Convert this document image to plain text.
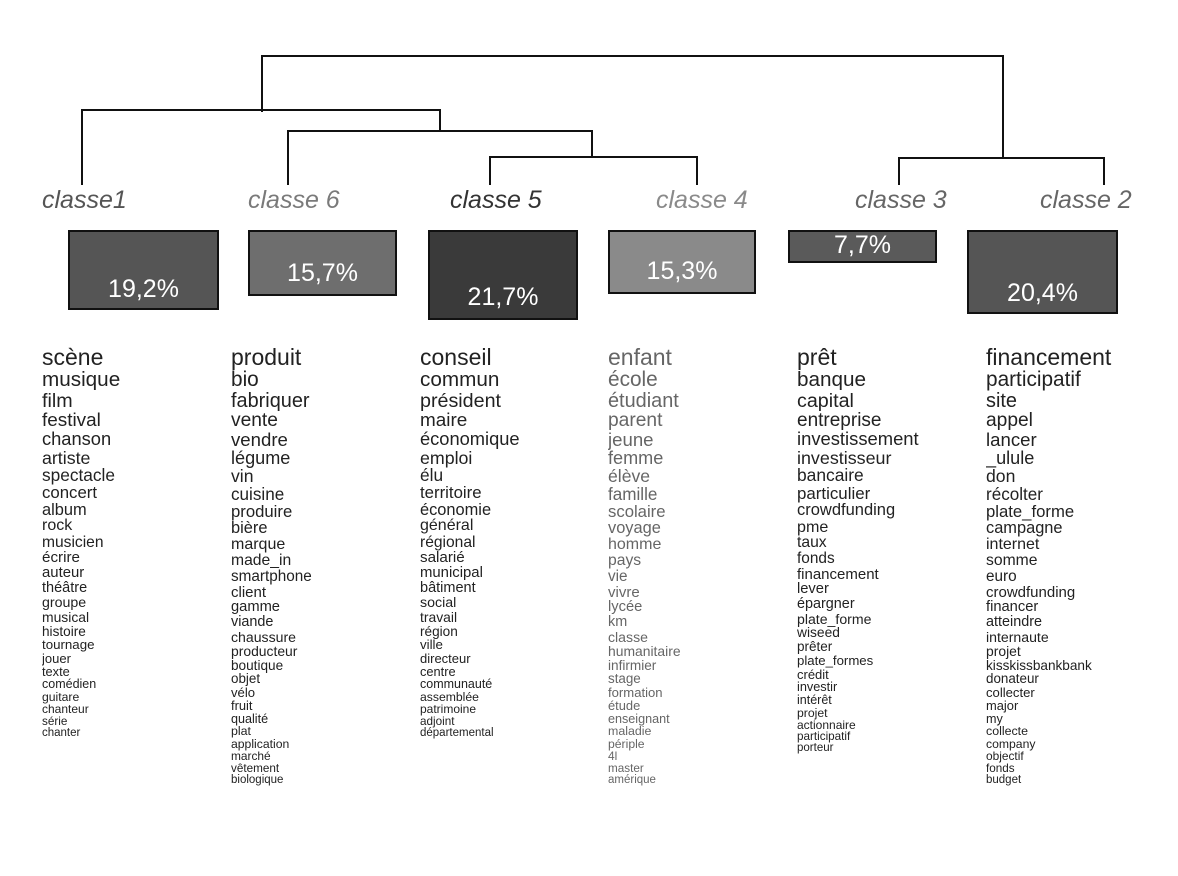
classe1
19,2%
scène
musique
film
festival
chanson
artiste
spectacle
concert
album
rock
musicien
écrire
auteur
théâtre
groupe
musical
histoire
tournage
jouer
texte
comédien
guitare
chanteur
série
chanter
classe 6
15,7%
produit
bio
fabriquer
vente
vendre
légume
vin
cuisine
produire
bière
marque
made_in
smartphone
client
gamme
viande
chaussure
producteur
boutique
objet
vélo
fruit
qualité
plat
application
marché
vêtement
biologique
classe 5
21,7%
conseil
commun
président
maire
économique
emploi
élu
territoire
économie
général
régional
salarié
municipal
bâtiment
social
travail
région
ville
directeur
centre
communauté
assemblée
patrimoine
adjoint
départemental
classe 4
15,3%
enfant
école
étudiant
parent
jeune
femme
élève
famille
scolaire
voyage
homme
pays
vie
vivre
lycée
km
classe
humanitaire
infirmier
stage
formation
étude
enseignant
maladie
périple
4l
master
amérique
classe 3
7,7%
prêt
banque
capital
entreprise
investissement
investisseur
bancaire
particulier
crowdfunding
pme
taux
fonds
financement
lever
épargner
plate_forme
wiseed
prêter
plate_formes
crédit
investir
intérêt
projet
actionnaire
participatif
porteur
classe 2
20,4%
financement
participatif
site
appel
lancer
_ulule
don
récolter
plate_forme
campagne
internet
somme
euro
crowdfunding
financer
atteindre
internaute
projet
kisskissbankbank
donateur
collecter
major
my
collecte
company
objectif
fonds
budget
